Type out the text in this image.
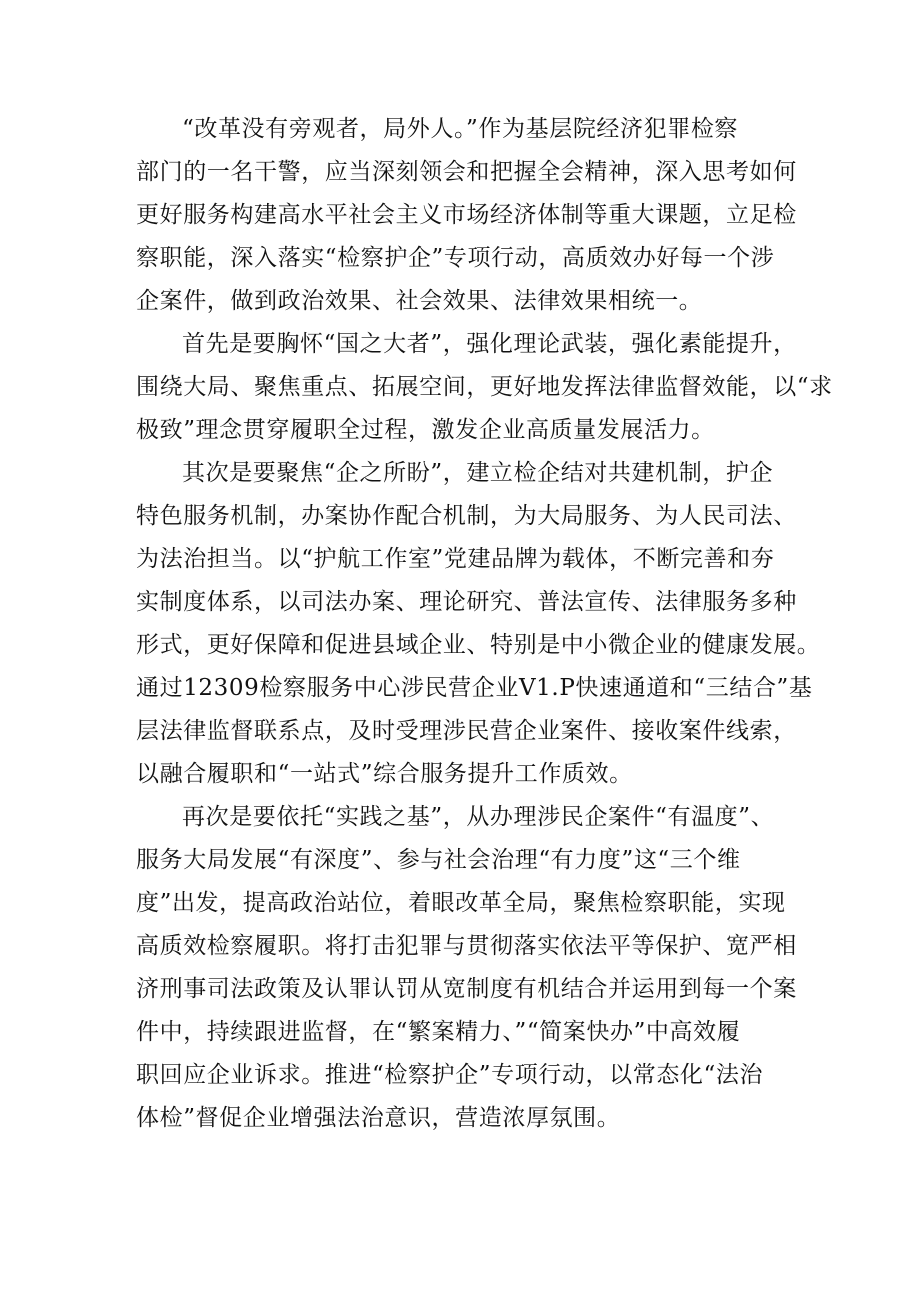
“改革没有旁观者，局外人。”作为基层院经济犯罪检察
部门的一名干警，应当深刻领会和把握全会精神，深入思考如何
更好服务构建高水平社会主义市场经济体制等重大课题，立足检
察职能，深入落实“检察护企”专项行动，高质效办好每一个涉
企案件，做到政治效果、社会效果、法律效果相统一。
首先是要胸怀“国之大者”，强化理论武装，强化素能提升，
围绕大局、聚焦重点、拓展空间，更好地发挥法律监督效能，以“求
极致”理念贯穿履职全过程，激发企业高质量发展活力。
其次是要聚焦“企之所盼”，建立检企结对共建机制，护企
特色服务机制，办案协作配合机制，为大局服务、为人民司法、
为法治担当。以“护航工作室”党建品牌为载体，不断完善和夯
实制度体系，以司法办案、理论研究、普法宣传、法律服务多种
形式，更好保障和促进县域企业、特别是中小微企业的健康发展。
通过12309检察服务中心涉民营企业V1.P快速通道和“三结合”基
层法律监督联系点，及时受理涉民营企业案件、接收案件线索，
以融合履职和“一站式”综合服务提升工作质效。
再次是要依托“实践之基”，从办理涉民企案件“有温度”、
服务大局发展“有深度”、参与社会治理“有力度”这“三个维
度”出发，提高政治站位，着眼改革全局，聚焦检察职能，实现
高质效检察履职。将打击犯罪与贯彻落实依法平等保护、宽严相
济刑事司法政策及认罪认罚从宽制度有机结合并运用到每一个案
件中，持续跟进监督，在“繁案精力、”“简案快办”中高效履
职回应企业诉求。推进“检察护企”专项行动，以常态化“法治
体检”督促企业增强法治意识，营造浓厚氛围。
